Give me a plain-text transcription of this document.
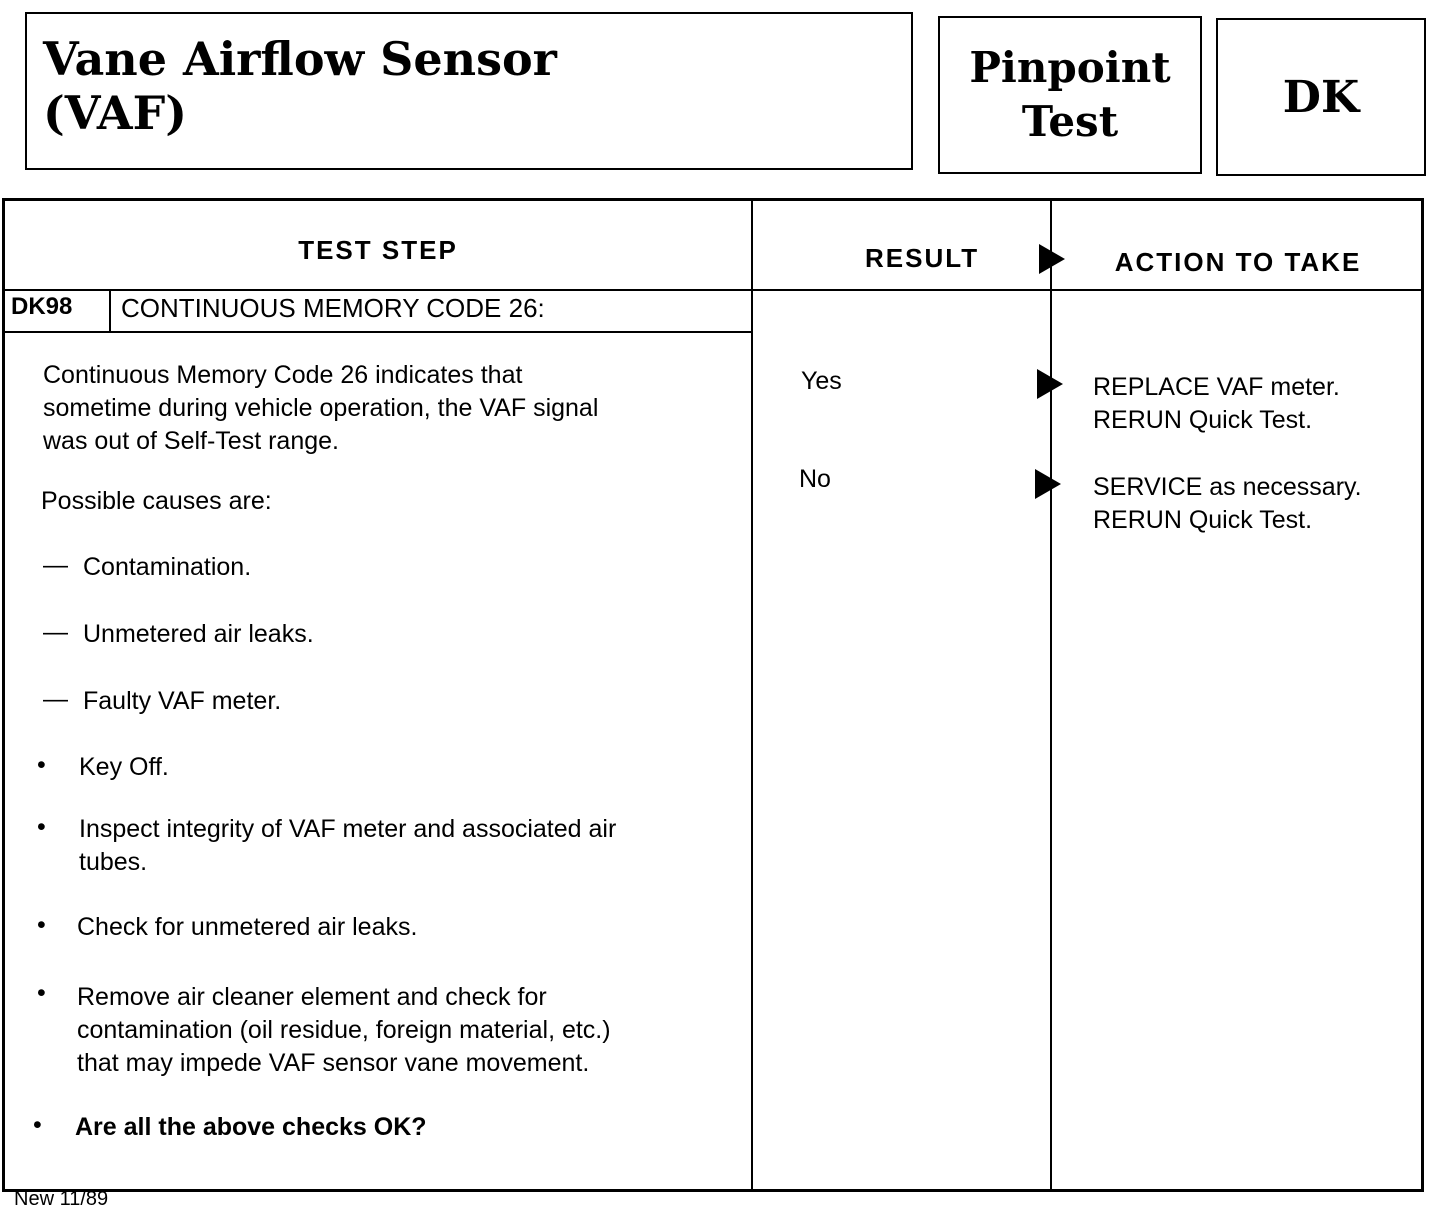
Vane Airflow Sensor
(VAF)
Pinpoint
Test	DK
TEST STEP	RESULT	ACTION TO TAKE
DK98 CONTINUOUS MEMORY CODE 26:
Continuous Memory Code 26 indicates that
sometime during vehicle operation, the VAF signal
was out of Self-Test range.
Possible causes are:
— Contamination.
— Unmetered air leaks.
— Faulty VAF meter.
• Key Off.
• Inspect integrity of VAF meter and associated air
tubes.
• Check for unmetered air leaks.
• Remove air cleaner element and check for
contamination (oil residue, foreign material, etc.)
that may impede VAF sensor vane movement.
• Are all the above checks OK?
Yes	REPLACE VAF meter.
RERUN Quick Test.
No	SERVICE as necessary.
RERUN Quick Test.
New 11/89
